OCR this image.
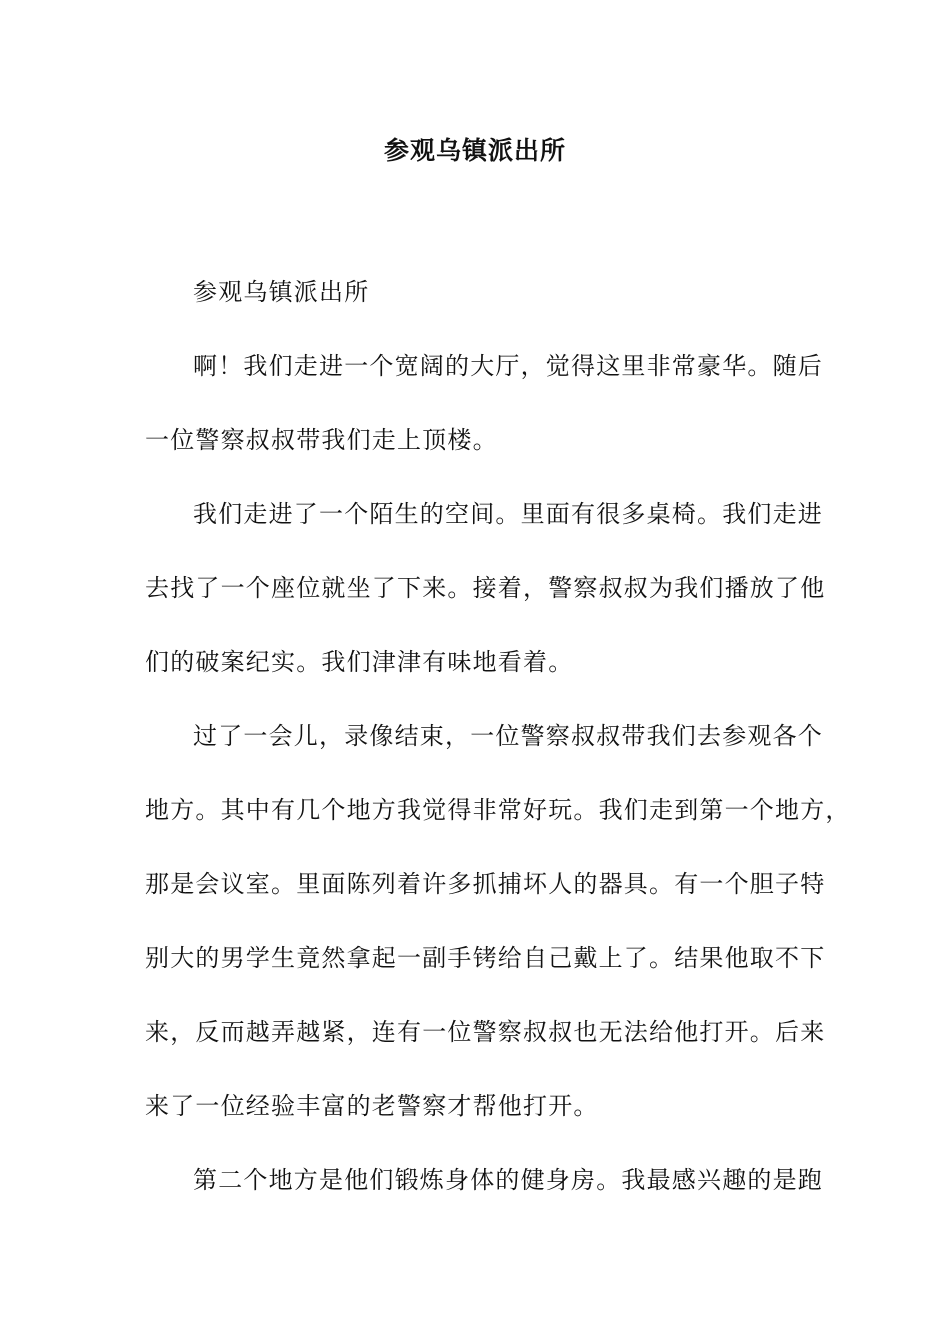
参观乌镇派出所

参观乌镇派出所

啊！我们走进一个宽阔的大厅，觉得这里非常豪华。随后
一位警察叔叔带我们走上顶楼。

我们走进了一个陌生的空间。里面有很多桌椅。我们走进
去找了一个座位就坐了下来。接着，警察叔叔为我们播放了他
们的破案纪实。我们津津有味地看着。

过了一会儿，录像结束，一位警察叔叔带我们去参观各个
地方。其中有几个地方我觉得非常好玩。我们走到第一个地方，
那是会议室。里面陈列着许多抓捕坏人的器具。有一个胆子特
别大的男学生竟然拿起一副手铐给自己戴上了。结果他取不下
来，反而越弄越紧，连有一位警察叔叔也无法给他打开。后来
来了一位经验丰富的老警察才帮他打开。

第二个地方是他们锻炼身体的健身房。我最感兴趣的是跑
